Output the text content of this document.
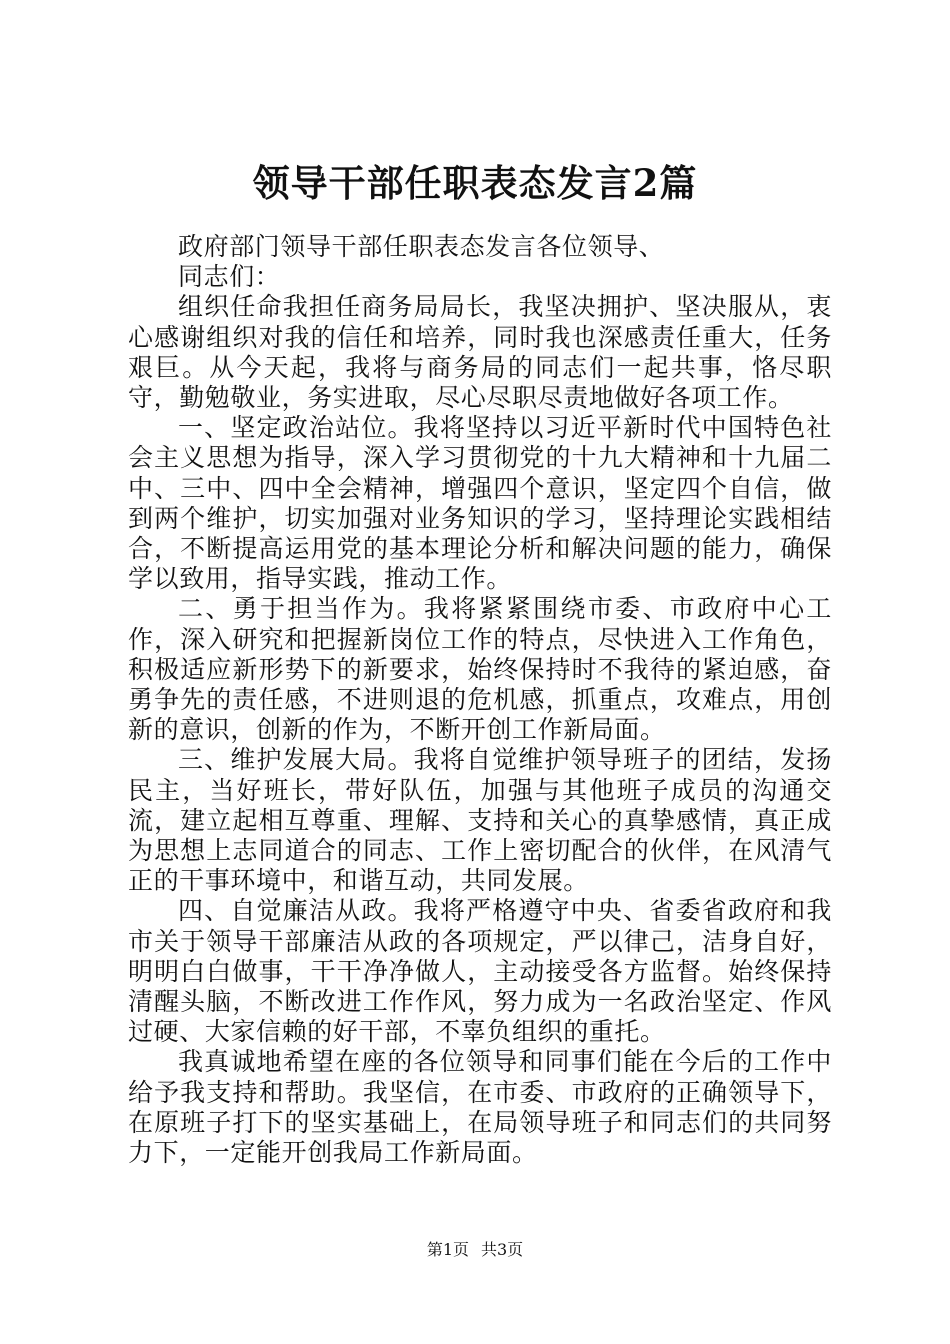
领导干部任职表态发言2篇

政府部门领导干部任职表态发言各位领导、

同志们：

组织任命我担任商务局局长，我坚决拥护、坚决服从，衷心感谢组织对我的信任和培养，同时我也深感责任重大，任务艰巨。从今天起，我将与商务局的同志们一起共事，恪尽职守，勤勉敬业，务实进取，尽心尽职尽责地做好各项工作。

一、坚定政治站位。我将坚持以习近平新时代中国特色社会主义思想为指导，深入学习贯彻党的十九大精神和十九届二中、三中、四中全会精神，增强四个意识，坚定四个自信，做到两个维护，切实加强对业务知识的学习，坚持理论实践相结合，不断提高运用党的基本理论分析和解决问题的能力，确保学以致用，指导实践，推动工作。

二、勇于担当作为。我将紧紧围绕市委、市政府中心工作，深入研究和把握新岗位工作的特点，尽快进入工作角色，积极适应新形势下的新要求，始终保持时不我待的紧迫感，奋勇争先的责任感，不进则退的危机感，抓重点，攻难点，用创新的意识，创新的作为，不断开创工作新局面。

三、维护发展大局。我将自觉维护领导班子的团结，发扬民主，当好班长，带好队伍，加强与其他班子成员的沟通交流，建立起相互尊重、理解、支持和关心的真挚感情，真正成为思想上志同道合的同志、工作上密切配合的伙伴，在风清气正的干事环境中，和谐互动，共同发展。

四、自觉廉洁从政。我将严格遵守中央、省委省政府和我市关于领导干部廉洁从政的各项规定，严以律己，洁身自好，明明白白做事，干干净净做人，主动接受各方监督。始终保持清醒头脑，不断改进工作作风，努力成为一名政治坚定、作风过硬、大家信赖的好干部，不辜负组织的重托。

我真诚地希望在座的各位领导和同事们能在今后的工作中给予我支持和帮助。我坚信，在市委、市政府的正确领导下，在原班子打下的坚实基础上，在局领导班子和同志们的共同努力下，一定能开创我局工作新局面。

第1页 共3页
